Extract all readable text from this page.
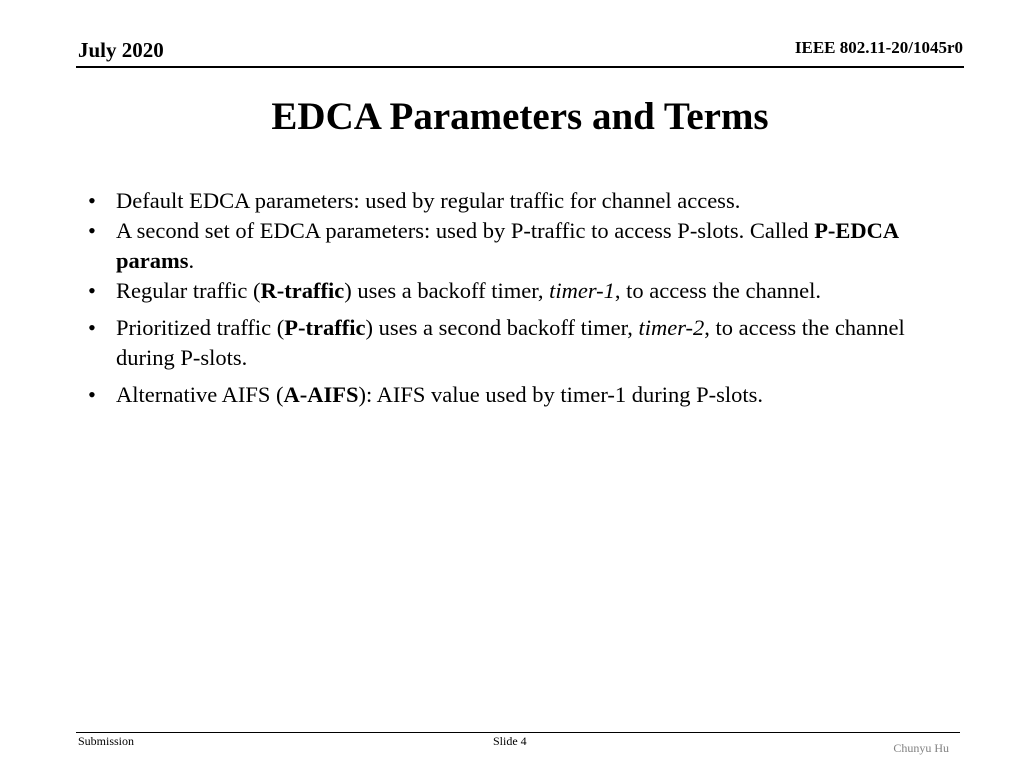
July 2020	IEEE 802.11-20/1045r0
EDCA Parameters and Terms
• Default EDCA parameters: used by regular traffic for channel access.
• A second set of EDCA parameters: used by P-traffic to access P-slots. Called P-EDCA params.
• Regular traffic (R-traffic) uses a backoff timer, timer-1, to access the channel.
• Prioritized traffic (P-traffic) uses a second backoff timer, timer-2, to access the channel during P-slots.
• Alternative AIFS (A-AIFS): AIFS value used by timer-1 during P-slots.
Submission	Slide 4	Chunyu Hu
